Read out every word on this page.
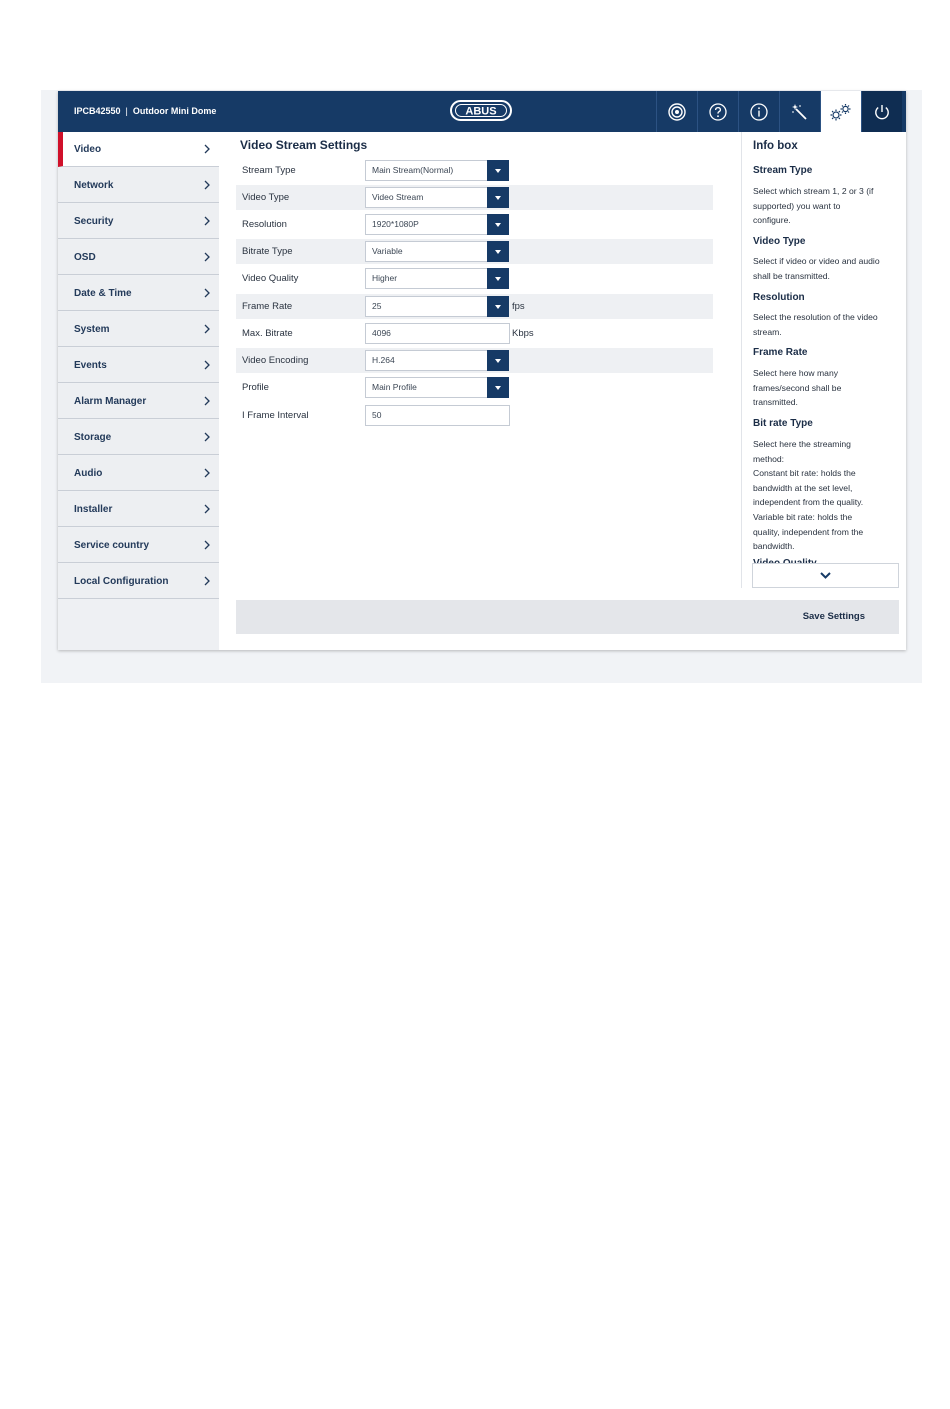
IPCB42550 | Outdoor Mini Dome	ABUS
Video
Network
Security
OSD
Date & Time
System
Events
Alarm Manager
Storage
Audio
Installer
Service country
Local Configuration
Video Stream Settings
Stream Type	Main Stream(Normal)
Video Type	Video Stream
Resolution	1920*1080P
Bitrate Type	Variable
Video Quality	Higher
Frame Rate	25	fps
Max. Bitrate	4096	Kbps
Video Encoding	H.264
Profile	Main Profile
I Frame Interval	50
Info box
Stream Type
Select which stream 1, 2 or 3 (if
supported) you want to
configure.
Video Type
Select if video or video and audio
shall be transmitted.
Resolution
Select the resolution of the video
stream.
Frame Rate
Select here how many
frames/second shall be
transmitted.
Bit rate Type
Select here the streaming
method:
Constant bit rate: holds the
bandwidth at the set level,
independent from the quality.
Variable bit rate: holds the
quality, independent from the
bandwidth.
Save Settings
